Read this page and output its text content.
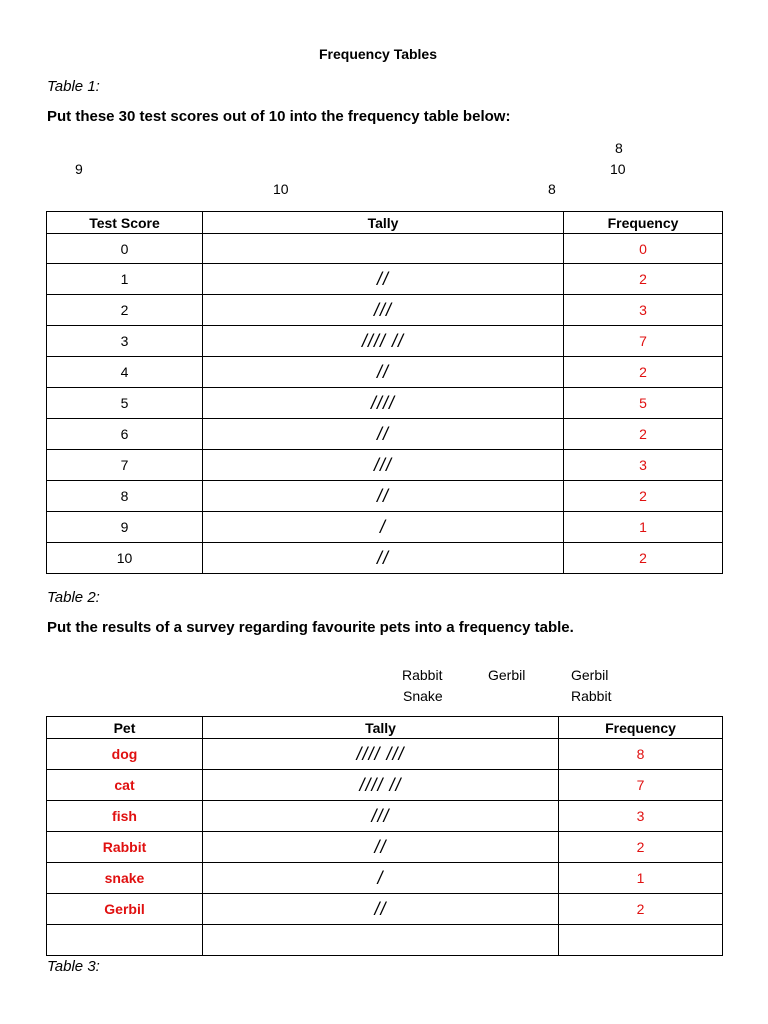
Frequency Tables
Table 1:
Put these 30 test scores out of 10 into the frequency table below:
8
9	10
10	8
Test Score	Tally	Frequency
0		0
1	//	2
2	///	3
3	//// //	7
4	//	2
5	////	5
6	//	2
7	///	3
8	//	2
9	/	1
10	//	2
Table 2:
Put the results of a survey regarding favourite pets into a frequency table.
Rabbit	Gerbil	Gerbil
Snake	Rabbit
Pet	Tally	Frequency
dog	//// ///	8
cat	//// //	7
fish	///	3
Rabbit	//	2
snake	/	1
Gerbil	//	2

Table 3:
